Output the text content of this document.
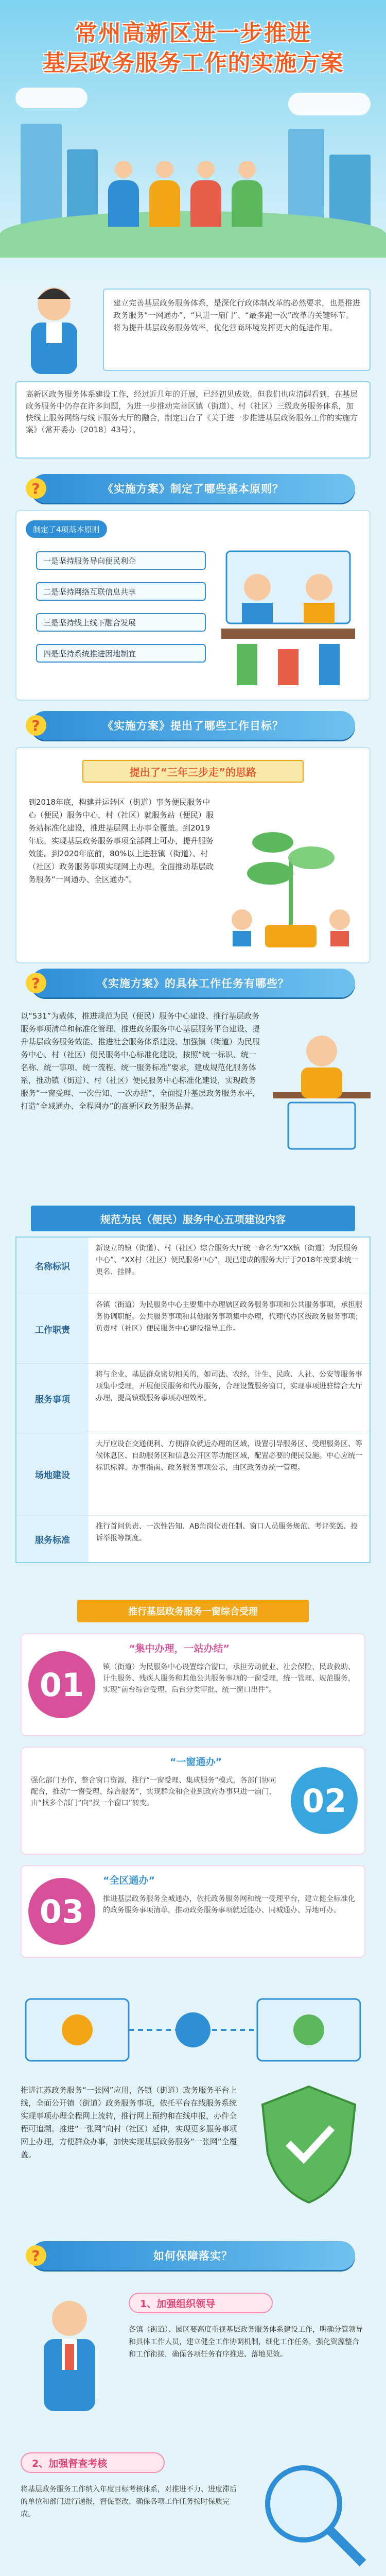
常州高新区进一步推进
基层政务服务工作的实施方案
建立完善基层政务服务体系，是深化行政体制改革的必然要求，也是推进政务服务“一网通办”、“只进一扇门”、“最多跑一次”改革的关键环节。将为提升基层政务服务效率，优化营商环境发挥更大的促进作用。
高新区政务服务体系建设工作，经过近几年的开展，已经初见成效。但我们也应清醒看到，在基层政务服务中仍存在许多问题，为进一步推动完善区镇（街道）、村（社区）三级政务服务体系，加快线上服务网络与线下服务大厅的融合，制定出台了《关于进一步推进基层政务服务工作的实施方案》（常开委办〔2018〕43号）。
?	《实施方案》制定了哪些基本原则？
制定了4项基本原则
一是坚持服务导向便民利企
二是坚持网络互联信息共享
三是坚持线上线下融合发展
四是坚持系统推进因地制宜
?	《实施方案》提出了哪些工作目标？
提出了“三年三步走”的思路
到2018年底，构建并运转区（街道）事务便民服务中心（便民）服务中心，村（社区）就服务站（便民）服务站标准化建设，推进基层网上办事全覆盖。到2019年底，实现基层政务服务事项全部网上可办，提升服务效能。到2020年底前，80%以上进驻镇（街道）、村（社区）政务服务事项实现网上办理，全面推动基层政务服务“一网通办、全区通办”。
?	《实施方案》的具体工作任务有哪些？
以“531”为载体，推进规范为民（便民）服务中心建设、推行基层政务服务事项清单和标准化管理、推进政务服务中心基层服务平台建设、提升基层政务服务效能、推进社会服务体系建设、加强镇（街道）为民服务中心、村（社区）便民服务中心标准化建设，按照“统一标识、统一名称、统一事项、统一流程、统一服务标准”要求，建成规范化服务体系，推动镇（街道）、村（社区）便民服务中心标准化建设，实现政务服务“一窗受理、一次告知、一次办结”，全面提升基层政务服务水平，打造“全域通办、全程网办”的高新区政务服务品牌。
规范为民（便民）服务中心五项建设内容
名称标识
新设立的镇（街道）、村（社区）综合服务大厅统一命名为“XX镇（街道）为民服务中心”、“XX村（社区）便民服务中心”，现已建成的服务大厅于2018年按要求统一更名、挂牌。
工作职责
各镇（街道）为民服务中心主要集中办理辖区政务服务事项和公共服务事项，承担服务协调职能。公共服务事项和其他服务事项集中办理，代理代办区级政务服务事项；负责村（社区）便民服务中心建设指导工作。
服务事项
将与企业、基层群众密切相关的，如司法、农经、计生、民政、人社、公安等服务事项集中受理，开展便民服务和代办服务，合理设置服务窗口，实现事项进驻综合大厅办理，提高镇级服务事项办理效率。
场地建设
大厅应设在交通便利、方便群众就近办理的区域，设置引导服务区、受理服务区、等候休息区、自助服务区和信息公开区等功能区域，配置必要的便民设施。中心应统一标识标牌、办事指南、政务服务事项公示，由区政务办统一管理。
服务标准
推行首问负责、一次性告知、AB角岗位责任制、窗口人员服务规范、考评奖惩、投诉举报等制度。
推行基层政务服务一窗综合受理
01
“集中办理，一站办结”
镇（街道）为民服务中心设置综合窗口，承担劳动就业、社会保险、民政救助、计生服务、残疾人服务和其他公共服务事项的一窗受理，统一管理、规范服务，实现“前台综合受理、后台分类审批、统一窗口出件”。
02
“一窗通办”
强化部门协作，整合窗口资源，推行“一窗受理、集成服务”模式，各部门协同配合，推动“一窗受理、综合服务”，实现群众和企业到政府办事只进一扇门，由“找多个部门”向“找一个窗口”转变。
03
“全区通办”
推进基层政务服务全城通办，依托政务服务网和统一受理平台，建立健全标准化的政务服务事项清单，推动政务服务事项就近能办、同城通办、异地可办。
推进江苏政务服务“一张网”应用，各镇（街道）政务服务平台上线，全面公开镇（街道）政务服务事项，依托平台在线服务系统实现事项办理全程网上流转，推行网上预约和在线申报，办件全程可追溯。推进“一张网”向村（社区）延伸，实现更多服务事项网上办理，方便群众办事，加快实现基层政务服务“一张网”全覆盖。
?	如何保障落实？
1、加强组织领导
各镇（街道）、园区要高度重视基层政务服务体系建设工作，明确分管领导和具体工作人员，建立健全工作协调机制，细化工作任务，强化资源整合和工作衔接，确保各项任务有序推进、落地见效。
2、加强督查考核
将基层政务服务工作纳入年度目标考核体系，对推进不力、进度滞后的单位和部门进行通报，督促整改，确保各项工作任务按时保质完成。
